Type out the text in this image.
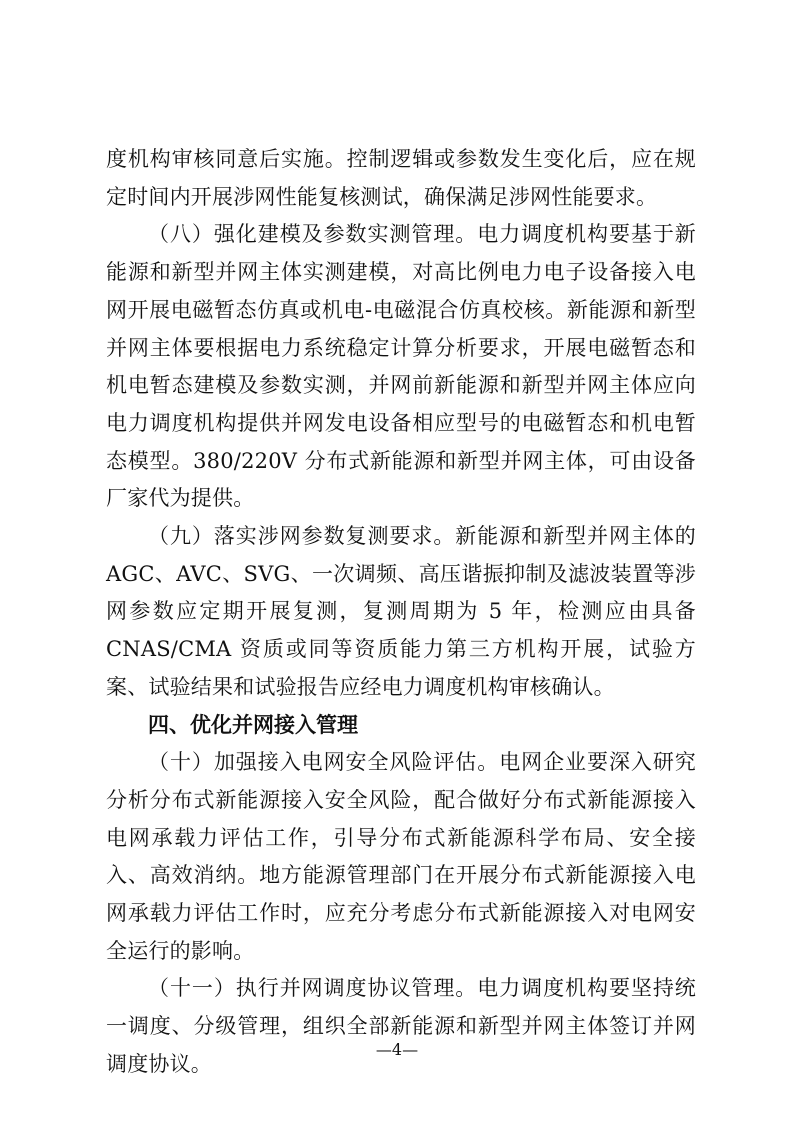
度机构审核同意后实施。控制逻辑或参数发生变化后，应在规定时间内开展涉网性能复核测试，确保满足涉网性能要求。

（八）强化建模及参数实测管理。电力调度机构要基于新能源和新型并网主体实测建模，对高比例电力电子设备接入电网开展电磁暂态仿真或机电-电磁混合仿真校核。新能源和新型并网主体要根据电力系统稳定计算分析要求，开展电磁暂态和机电暂态建模及参数实测，并网前新能源和新型并网主体应向电力调度机构提供并网发电设备相应型号的电磁暂态和机电暂态模型。380/220V 分布式新能源和新型并网主体，可由设备厂家代为提供。

（九）落实涉网参数复测要求。新能源和新型并网主体的 AGC、AVC、SVG、一次调频、高压谐振抑制及滤波装置等涉网参数应定期开展复测，复测周期为 5 年，检测应由具备 CNAS/CMA 资质或同等资质能力第三方机构开展，试验方案、试验结果和试验报告应经电力调度机构审核确认。

四、优化并网接入管理

（十）加强接入电网安全风险评估。电网企业要深入研究分析分布式新能源接入安全风险，配合做好分布式新能源接入电网承载力评估工作，引导分布式新能源科学布局、安全接入、高效消纳。地方能源管理部门在开展分布式新能源接入电网承载力评估工作时，应充分考虑分布式新能源接入对电网安全运行的影响。

（十一）执行并网调度协议管理。电力调度机构要坚持统一调度、分级管理，组织全部新能源和新型并网主体签订并网调度协议。

—4—
